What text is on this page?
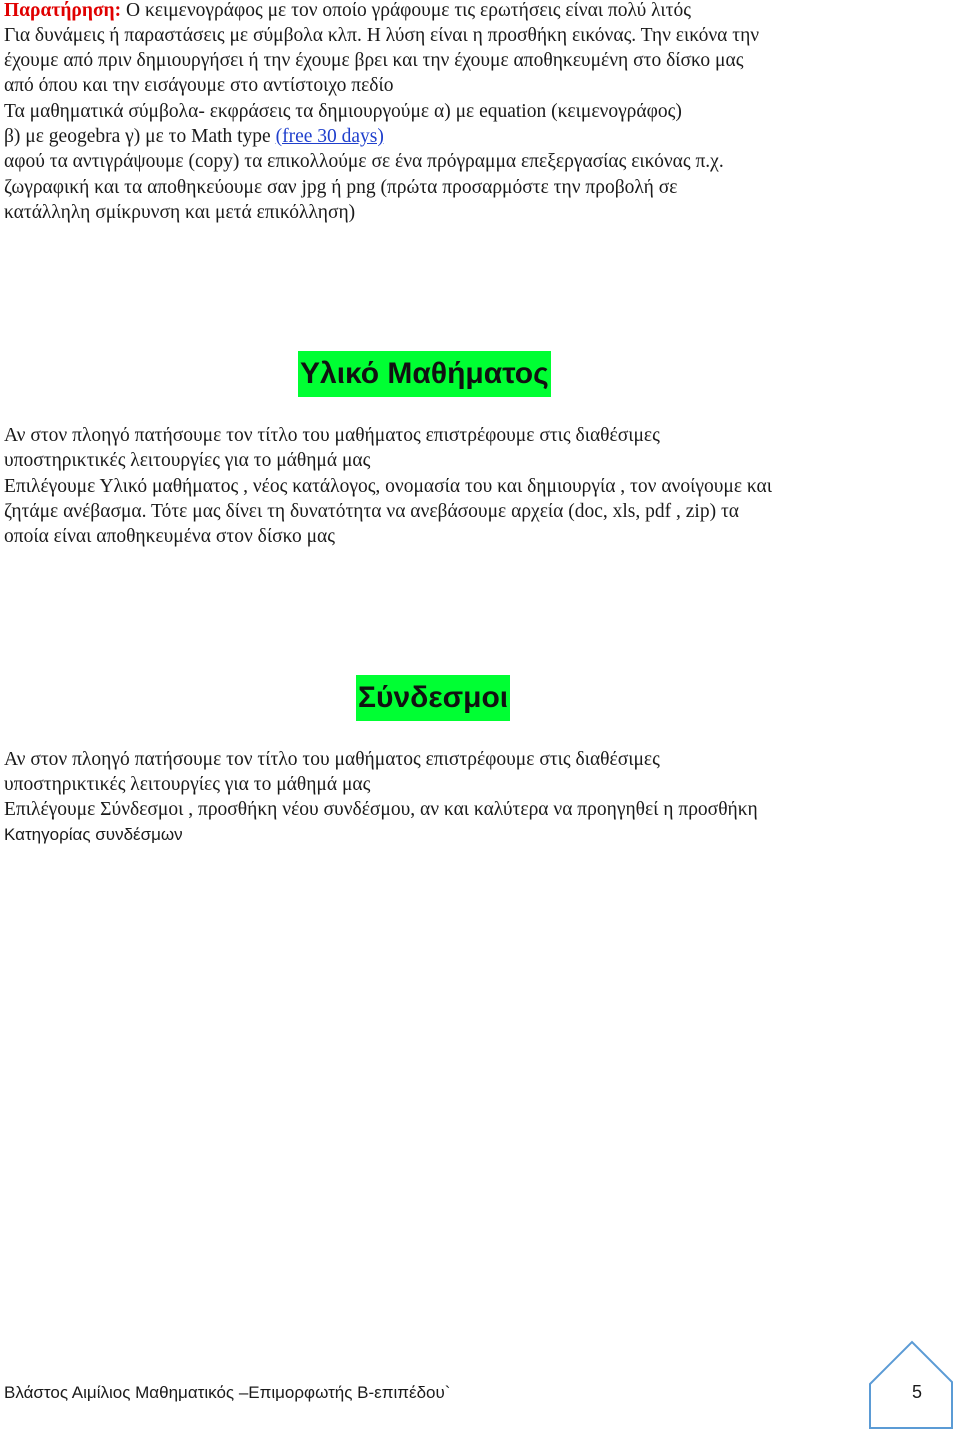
Παρατήρηση: Ο κειμενογράφος με τον οποίο γράφουμε τις ερωτήσεις είναι πολύ λιτός
Για δυνάμεις ή παραστάσεις με σύμβολα κλπ. Η λύση είναι η προσθήκη εικόνας. Την εικόνα την
έχουμε από πριν δημιουργήσει ή την έχουμε βρει και την έχουμε αποθηκευμένη στο δίσκο μας
από όπου και την εισάγουμε στο αντίστοιχο πεδίο
Τα μαθηματικά σύμβολα- εκφράσεις τα δημιουργούμε α) με equation (κειμενογράφος)
β) με geogebra γ) με το Math type (free 30 days)
αφού τα αντιγράψουμε (copy) τα επικολλούμε σε ένα πρόγραμμα επεξεργασίας εικόνας π.χ.
ζωγραφική και τα αποθηκεύουμε σαν jpg ή png (πρώτα προσαρμόστε την προβολή σε
κατάλληλη σμίκρυνση και μετά επικόλληση)
Υλικό Μαθήματος
Αν στον πλοηγό πατήσουμε τον τίτλο του μαθήματος επιστρέφουμε στις διαθέσιμες
υποστηρικτικές λειτουργίες για το μάθημά μας
Επιλέγουμε Υλικό μαθήματος , νέος κατάλογος, ονομασία του και δημιουργία , τον ανοίγουμε και
ζητάμε ανέβασμα. Τότε μας δίνει τη δυνατότητα να ανεβάσουμε αρχεία (doc, xls, pdf , zip) τα
οποία είναι αποθηκευμένα στον δίσκο μας
Σύνδεσμοι
Αν στον πλοηγό πατήσουμε τον τίτλο του μαθήματος επιστρέφουμε στις διαθέσιμες
υποστηρικτικές λειτουργίες για το μάθημά μας
Επιλέγουμε Σύνδεσμοι , προσθήκη νέου συνδέσμου, αν και καλύτερα να προηγηθεί η προσθήκη
Κατηγορίας συνδέσμων
Βλάστος Αιμίλιος Μαθηματικός –Επιμορφωτής Β-επιπέδου`	5
